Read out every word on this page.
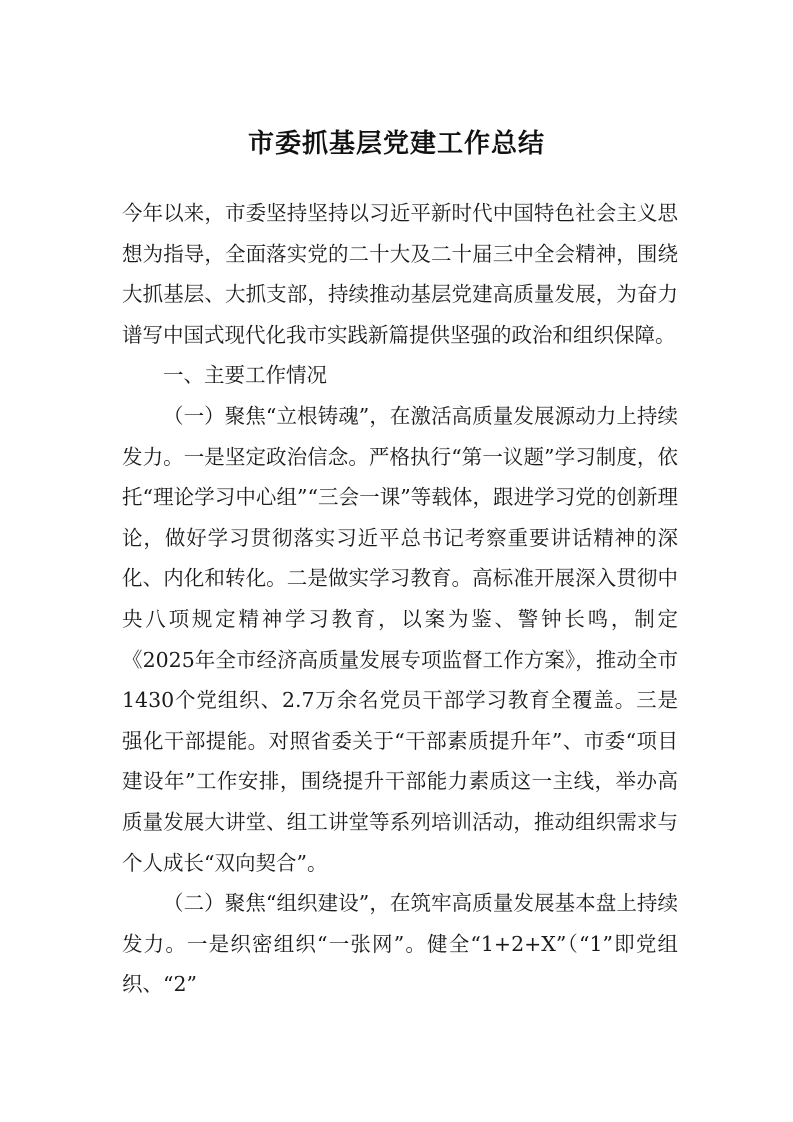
市委抓基层党建工作总结

今年以来，市委坚持坚持以习近平新时代中国特色社会主义思想为指导，全面落实党的二十大及二十届三中全会精神，围绕大抓基层、大抓支部，持续推动基层党建高质量发展，为奋力谱写中国式现代化我市实践新篇提供坚强的政治和组织保障。

一、主要工作情况

（一）聚焦“立根铸魂”，在激活高质量发展源动力上持续发力。一是坚定政治信念。严格执行“第一议题”学习制度，依托“理论学习中心组”“三会一课”等载体，跟进学习党的创新理论，做好学习贯彻落实习近平总书记考察重要讲话精神的深化、内化和转化。二是做实学习教育。高标准开展深入贯彻中央八项规定精神学习教育，以案为鉴、警钟长鸣，制定《2025年全市经济高质量发展专项监督工作方案》，推动全市1430个党组织、2.7万余名党员干部学习教育全覆盖。三是强化干部提能。对照省委关于“干部素质提升年”、市委“项目建设年”工作安排，围绕提升干部能力素质这一主线，举办高质量发展大讲堂、组工讲堂等系列培训活动，推动组织需求与个人成长“双向契合”。

（二）聚焦“组织建设”，在筑牢高质量发展基本盘上持续发力。一是织密组织“一张网”。健全“1+2+X”（“1”即党组织、“2”
